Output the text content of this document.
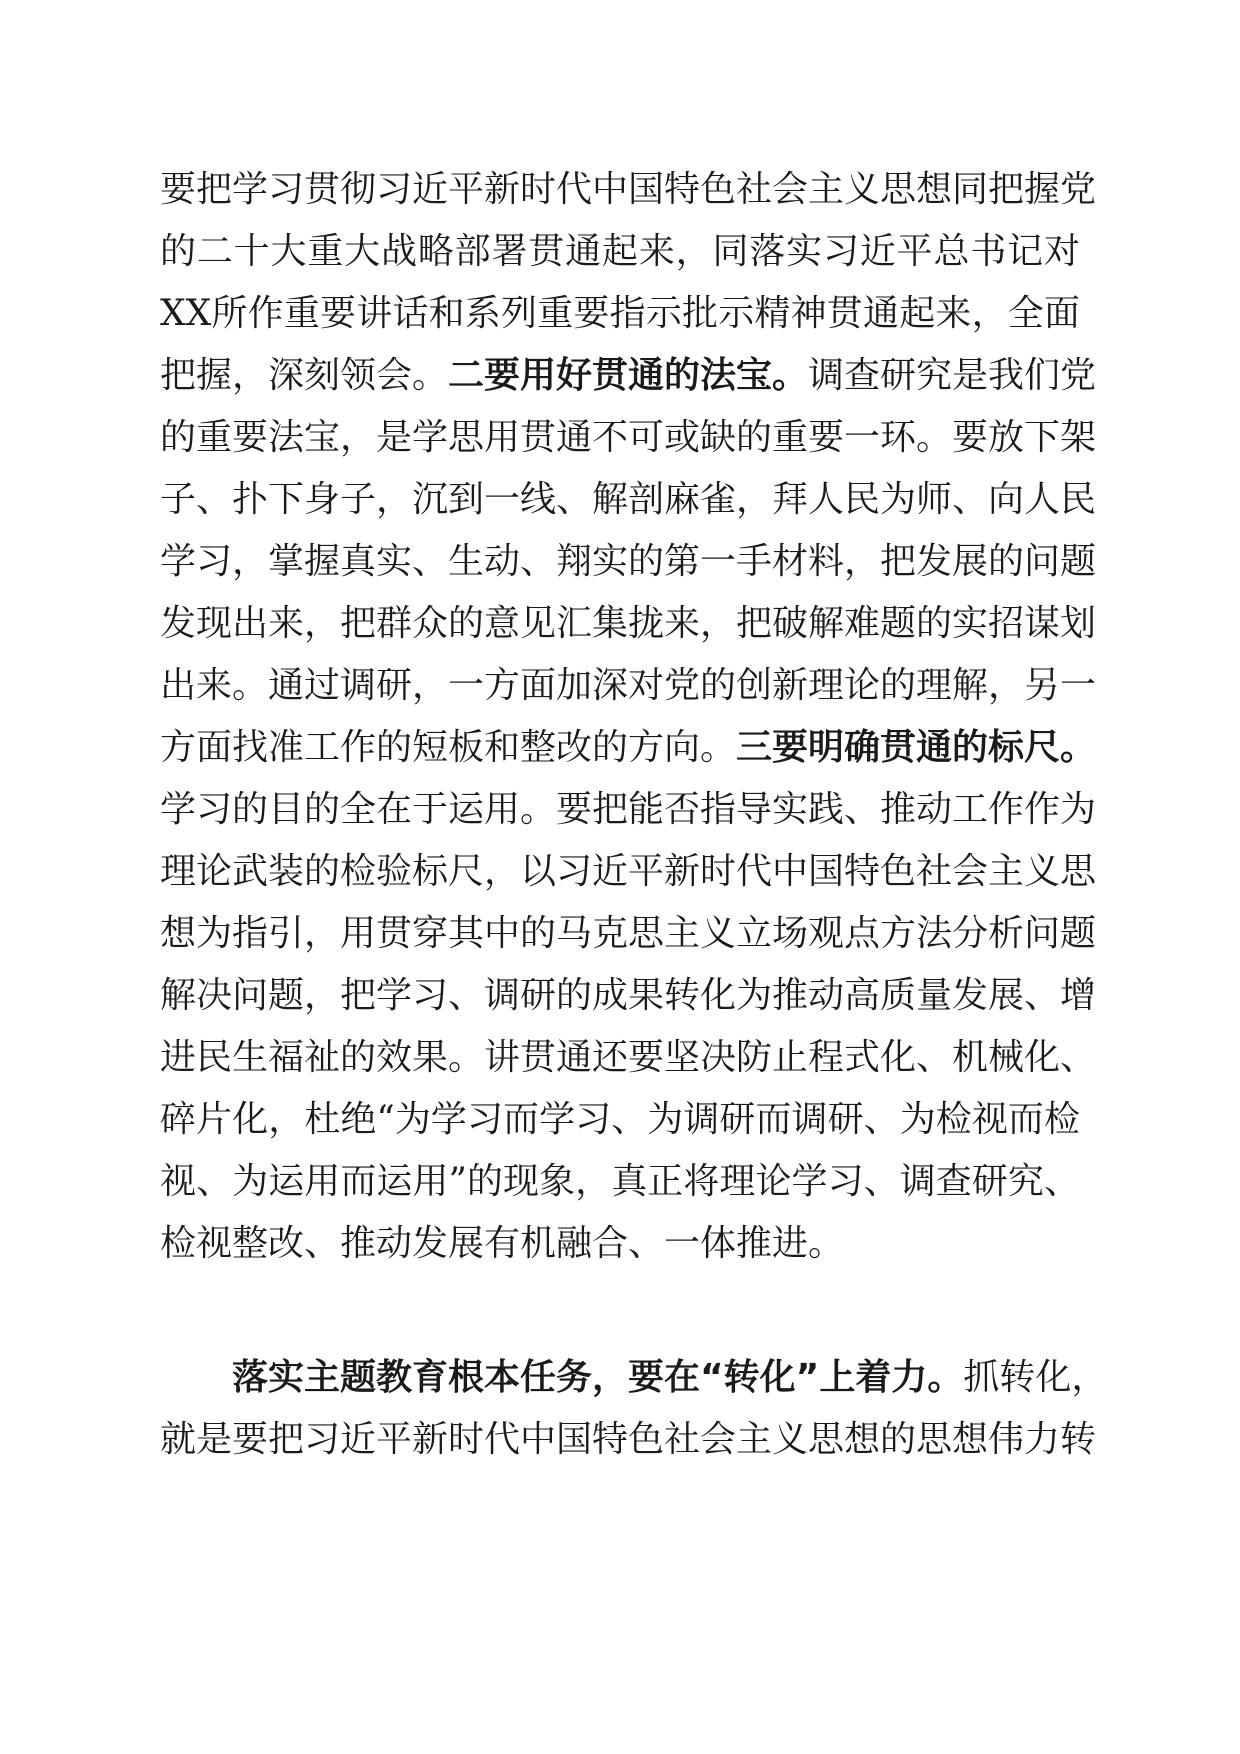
要把学习贯彻习近平新时代中国特色社会主义思想同把握党
的二十大重大战略部署贯通起来，同落实习近平总书记对
XX所作重要讲话和系列重要指示批示精神贯通起来，全面
把握，深刻领会。二要用好贯通的法宝。调查研究是我们党
的重要法宝，是学思用贯通不可或缺的重要一环。要放下架
子、扑下身子，沉到一线、解剖麻雀，拜人民为师、向人民
学习，掌握真实、生动、翔实的第一手材料，把发展的问题
发现出来，把群众的意见汇集拢来，把破解难题的实招谋划
出来。通过调研，一方面加深对党的创新理论的理解，另一
方面找准工作的短板和整改的方向。三要明确贯通的标尺。
学习的目的全在于运用。要把能否指导实践、推动工作作为
理论武装的检验标尺，以习近平新时代中国特色社会主义思
想为指引，用贯穿其中的马克思主义立场观点方法分析问题
解决问题，把学习、调研的成果转化为推动高质量发展、增
进民生福祉的效果。讲贯通还要坚决防止程式化、机械化、
碎片化，杜绝“为学习而学习、为调研而调研、为检视而检
视、为运用而运用”的现象，真正将理论学习、调查研究、
检视整改、推动发展有机融合、一体推进。
落实主题教育根本任务，要在“转化”上着力。抓转化，
就是要把习近平新时代中国特色社会主义思想的思想伟力转
